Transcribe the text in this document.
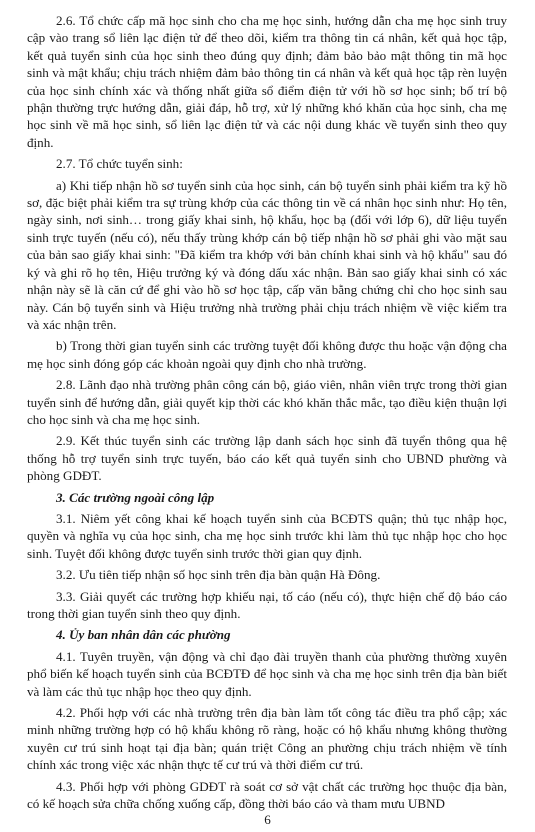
2.6. Tổ chức cấp mã học sinh cho cha mẹ học sinh, hướng dẫn cha mẹ học sinh truy cập vào trang sổ liên lạc điện tử để theo dõi, kiểm tra thông tin cá nhân, kết quả học tập, kết quả tuyển sinh của học sinh theo đúng quy định; đảm bảo bảo mật thông tin mã học sinh và mật khẩu; chịu trách nhiệm đảm bảo thông tin cá nhân và kết quả học tập rèn luyện của học sinh chính xác và thống nhất giữa sổ điểm điện tử với hồ sơ học sinh; bố trí bộ phận thường trực hướng dẫn, giải đáp, hỗ trợ, xử lý những khó khăn của học sinh, cha mẹ học sinh về mã học sinh, sổ liên lạc điện tử và các nội dung khác về tuyển sinh theo quy định.

2.7. Tổ chức tuyển sinh:

a) Khi tiếp nhận hồ sơ tuyển sinh của học sinh, cán bộ tuyển sinh phải kiểm tra kỹ hồ sơ, đặc biệt phải kiểm tra sự trùng khớp của các thông tin về cá nhân học sinh như: Họ tên, ngày sinh, nơi sinh… trong giấy khai sinh, hộ khẩu, học bạ (đối với lớp 6), dữ liệu tuyển sinh trực tuyến (nếu có), nếu thấy trùng khớp cán bộ tiếp nhận hồ sơ phải ghi vào mặt sau của bản sao giấy khai sinh: "Đã kiểm tra khớp với bản chính khai sinh và hộ khẩu" sau đó ký và ghi rõ họ tên, Hiệu trưởng ký và đóng dấu xác nhận. Bản sao giấy khai sinh có xác nhận này sẽ là căn cứ để ghi vào hồ sơ học tập, cấp văn bằng chứng chỉ cho học sinh sau này. Cán bộ tuyển sinh và Hiệu trưởng nhà trường phải chịu trách nhiệm về việc kiểm tra và xác nhận trên.

b) Trong thời gian tuyển sinh các trường tuyệt đối không được thu hoặc vận động cha mẹ học sinh đóng góp các khoản ngoài quy định cho nhà trường.

2.8. Lãnh đạo nhà trường phân công cán bộ, giáo viên, nhân viên trực trong thời gian tuyển sinh để hướng dẫn, giải quyết kịp thời các khó khăn thắc mắc, tạo điều kiện thuận lợi cho học sinh và cha mẹ học sinh.

2.9. Kết thúc tuyển sinh các trường lập danh sách học sinh đã tuyển thông qua hệ thống hỗ trợ tuyển sinh trực tuyến, báo cáo kết quả tuyển sinh cho UBND phường và phòng GDĐT.

3. Các trường ngoài công lập

3.1. Niêm yết công khai kế hoạch tuyển sinh của BCĐTS quận; thủ tục nhập học, quyền và nghĩa vụ của học sinh, cha mẹ học sinh trước khi làm thủ tục nhập học cho học sinh. Tuyệt đối không được tuyển sinh trước thời gian quy định.

3.2. Ưu tiên tiếp nhận số học sinh trên địa bàn quận Hà Đông.

3.3. Giải quyết các trường hợp khiếu nại, tố cáo (nếu có), thực hiện chế độ báo cáo trong thời gian tuyển sinh theo quy định.

4. Ủy ban nhân dân các phường

4.1. Tuyên truyền, vận động và chỉ đạo đài truyền thanh của phường thường xuyên phổ biến kế hoạch tuyển sinh của BCĐTĐ để học sinh và cha mẹ học sinh trên địa bàn biết và làm các thủ tục nhập học theo quy định.

4.2. Phối hợp với các nhà trường trên địa bàn làm tốt công tác điều tra phổ cập; xác minh những trường hợp có hộ khẩu không rõ ràng, hoặc có hộ khẩu nhưng không thường xuyên cư trú sinh hoạt tại địa bàn; quán triệt Công an phường chịu trách nhiệm về tính chính xác trong việc xác nhận thực tế cư trú và thời điểm cư trú.

4.3. Phối hợp với phòng GDĐT rà soát cơ sở vật chất các trường học thuộc địa bàn, có kế hoạch sửa chữa chống xuống cấp, đồng thời báo cáo và tham mưu UBND

6
